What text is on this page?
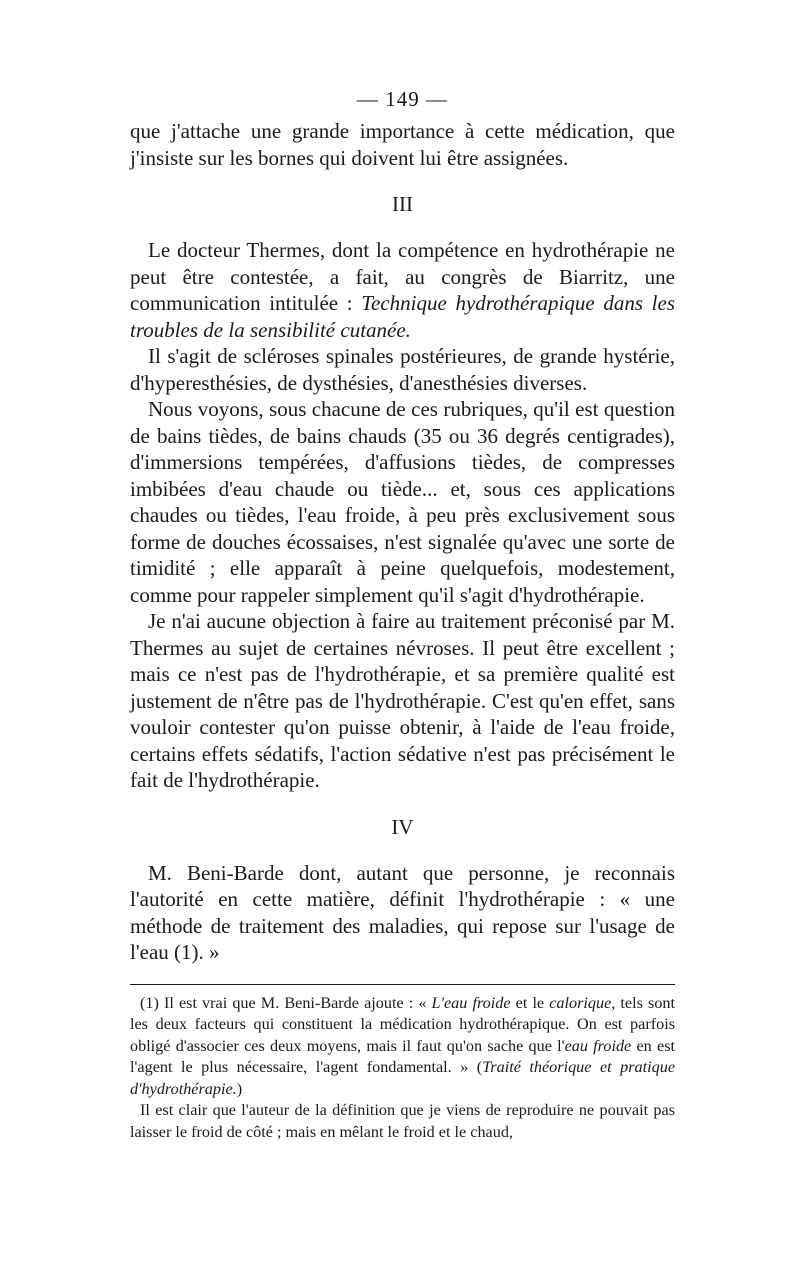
— 149 —

que j'attache une grande importance à cette médication, que j'insiste sur les bornes qui doivent lui être assignées.

III

Le docteur Thermes, dont la compétence en hydrothérapie ne peut être contestée, a fait, au congrès de Biarritz, une communication intitulée : Technique hydrothérapique dans les troubles de la sensibilité cutanée.

Il s'agit de scléroses spinales postérieures, de grande hystérie, d'hyperesthésies, de dysthésies, d'anesthésies diverses.

Nous voyons, sous chacune de ces rubriques, qu'il est question de bains tièdes, de bains chauds (35 ou 36 degrés centigrades), d'immersions tempérées, d'affusions tièdes, de compresses imbibées d'eau chaude ou tiède... et, sous ces applications chaudes ou tièdes, l'eau froide, à peu près exclusivement sous forme de douches écossaises, n'est signalée qu'avec une sorte de timidité ; elle apparaît à peine quelquefois, modestement, comme pour rappeler simplement qu'il s'agit d'hydrothérapie.

Je n'ai aucune objection à faire au traitement préconisé par M. Thermes au sujet de certaines névroses. Il peut être excellent ; mais ce n'est pas de l'hydrothérapie, et sa première qualité est justement de n'être pas de l'hydrothérapie. C'est qu'en effet, sans vouloir contester qu'on puisse obtenir, à l'aide de l'eau froide, certains effets sédatifs, l'action sédative n'est pas précisément le fait de l'hydrothérapie.

IV

M. Beni-Barde dont, autant que personne, je reconnais l'autorité en cette matière, définit l'hydrothérapie : « une méthode de traitement des maladies, qui repose sur l'usage de l'eau (1). »

(1) Il est vrai que M. Beni-Barde ajoute : « L'eau froide et le calorique, tels sont les deux facteurs qui constituent la médication hydrothérapique. On est parfois obligé d'associer ces deux moyens, mais il faut qu'on sache que l'eau froide en est l'agent le plus nécessaire, l'agent fondamental. » (Traité théorique et pratique d'hydrothérapie.)

Il est clair que l'auteur de la définition que je viens de reproduire ne pouvait pas laisser le froid de côté ; mais en mêlant le froid et le chaud,
